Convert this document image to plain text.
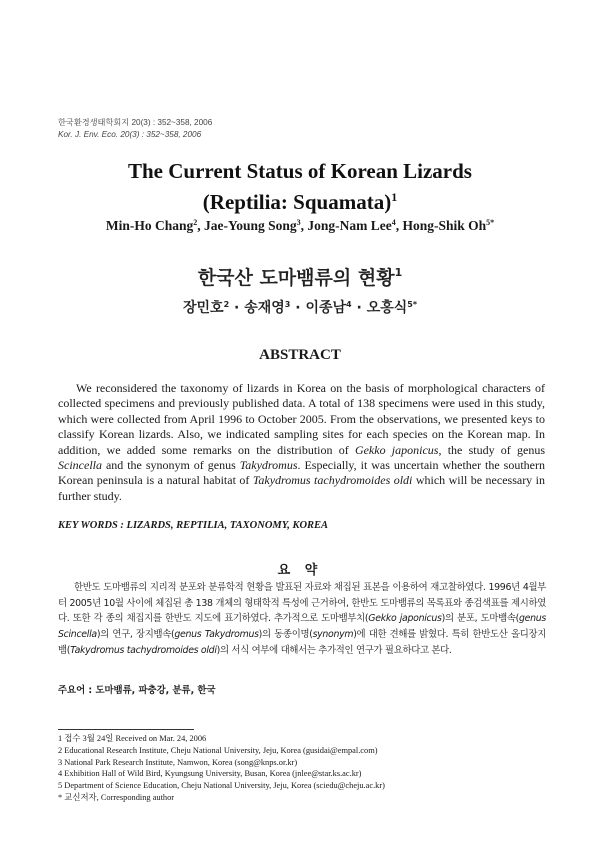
한국환경생태학회지 20(3) : 352~358, 2006
Kor. J. Env. Eco. 20(3) : 352~358, 2006
The Current Status of Korean Lizards
(Reptilia: Squamata)$^1$
Min-Ho Chang$^2$, Jae-Young Song$^3$, Jong-Nam Lee$^4$, Hong-Shik $Oh^{5*}$
한국산 도마뱀류의 현황$^1$
장민호$^2$ · 송재영$^3$ · 이종남$^4$ · 오홍식$^{5*}$
ABSTRACT

We reconsidered the taxonomy of lizards in Korea on the basis of morphological characters of collected specimens and previously published data. A total of 138 specimens were used in this study, which were collected from April 1996 to October 2005. From the observations, we presented keys to classify Korean lizards. Also, we indicated sampling sites for each species on the Korean map. In addition, we added some remarks on the distribution of Gekko japonicus, the study of genus Scincella and the synonym of genus Takydromus. Especially, it was uncertain whether the southern Korean peninsula is a natural habitat of Takydromus tachydromoides oldi which will be necessary in further study.

KEY WORDS : LIZARDS, REPTILIA, TAXONOMY, KOREA
요 약

한반도 도마뱀류의 지리적 분포와 분류학적 현황을 발표된 자료와 채집된 표본을 이용하여 재고찰하였다. 1996년 4월부터 2005년 10월 사이에 체집된 총 138 개체의 형태학적 특성에 근거하여, 한반도 도마뱀류의 목록표와 종검색표를 제시하였다. 또한 각 종의 채집지를 한반도 지도에 표기하였다. 추가적으로 도마뱀부치(Gekko japonicus)의 분포, 도마뱀속(genus Scincella)의 연구, 장지뱀속(genus Takydromus)의 동종이명(synonym)에 대한 견해를 밝혔다. 특히 한반도산 올디장지뱀(Takydromus tachydromoides oldi)의 서식 여부에 대해서는 추가적인 연구가 필요하다고 본다.

주요어 : 도마뱀류, 파충강, 분류, 한국
1 접수 3월 24일 Received on Mar. 24, 2006
2 Educational Research Institute, Cheju National University, Jeju, Korea (gusidai@empal.com)
3 National Park Research Institute, Namwon, Korea (song@knps.or.kr)
4 Exhibition Hall of Wild Bird, Kyungsung University, Busan, Korea (jnlee@star.ks.ac.kr)
5 Department of Science Education, Cheju National University, Jeju, Korea (sciedu@cheju.ac.kr)
* 교신저자, Corresponding author
